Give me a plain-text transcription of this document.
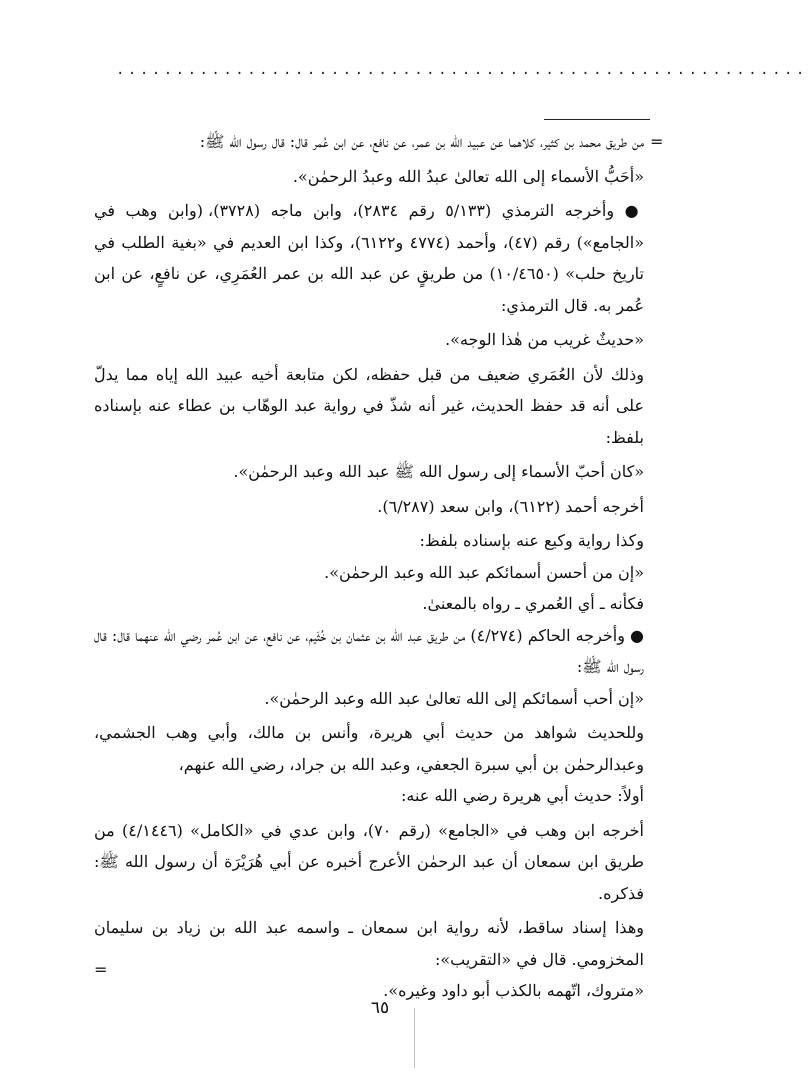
..........................................................
=

من طريق محمد بن كثير، كلاهما عن عبيد الله بن عمر، عن نافع، عن ابن عُمر قال: قال رسول الله ﷺ:

«أحَبُّ الأسماء إلى الله تعالىٰ عبدُ الله وعبدُ الرحمٰن».

● وأخرجه الترمذي (٥/١٣٣ رقم ٢٨٣٤)، وابن ماجه (٣٧٢٨)، (وابن وهب في «الجامع») رقم (٤٧)، وأحمد (٤٧٧٤ و٦١٢٢)، وكذا ابن العديم في «بغية الطلب في تاريخ حلب» (١٠/٤٦٥٠) من طريقٍ عن عبد الله بن عمر العُمَرِي، عن نافعٍ، عن ابن عُمر به. قال الترمذي:

«حديثٌ غريب من هٰذا الوجه».

وذلك لأن العُمَري ضعيف من قبل حفظه، لكن متابعة أخيه عبيد الله إياه مما يدلّ على أنه قد حفظ الحديث، غير أنه شذّ في رواية عبد الوهّاب بن عطاء عنه بإسناده بلفظ:

«كان أحبّ الأسماء إلى رسول الله ﷺ عبد الله وعبد الرحمٰن».

أخرجه أحمد (٦١٢٢)، وابن سعد (٦/٢٨٧).

وكذا رواية وكيع عنه بإسناده بلفظ:

«إن من أحسن أسمائكم عبد الله وعبد الرحمٰن».

فكأنه ـ أي العُمري ـ رواه بالمعنىٰ.

● وأخرجه الحاكم (٤/٢٧٤) من طريق عبد الله بن عثمان بن خُثَيم، عن نافع، عن ابن عُمر رضي الله عنهما قال: قال رسول الله ﷺ:

«إن أحب أسمائكم إلى الله تعالىٰ عبد الله وعبد الرحمٰن».

وللحديث شواهد من حديث أبي هريرة، وأنس بن مالك، وأبي وهب الجشمي، وعبدالرحمٰن بن أبي سبرة الجعفي، وعبد الله بن جراد، رضي الله عنهم،

أولاً: حديث أبي هريرة رضي الله عنه:

أخرجه ابن وهب في «الجامع» (رقم ٧٠)، وابن عدي في «الكامل» (٤/١٤٤٦) من طريق ابن سمعان أن عبد الرحمٰن الأعرج أخبره عن أبي هُرَيْرَة أن رسول الله ﷺ: فذكره.

وهذا إسناد ساقط، لأنه رواية ابن سمعان ـ واسمه عبد الله بن زياد بن سليمان المخزومي. قال في «التقريب»:

«متروك، اتّهمه بالكذب أبو داود وغيره».

=
٦٥
